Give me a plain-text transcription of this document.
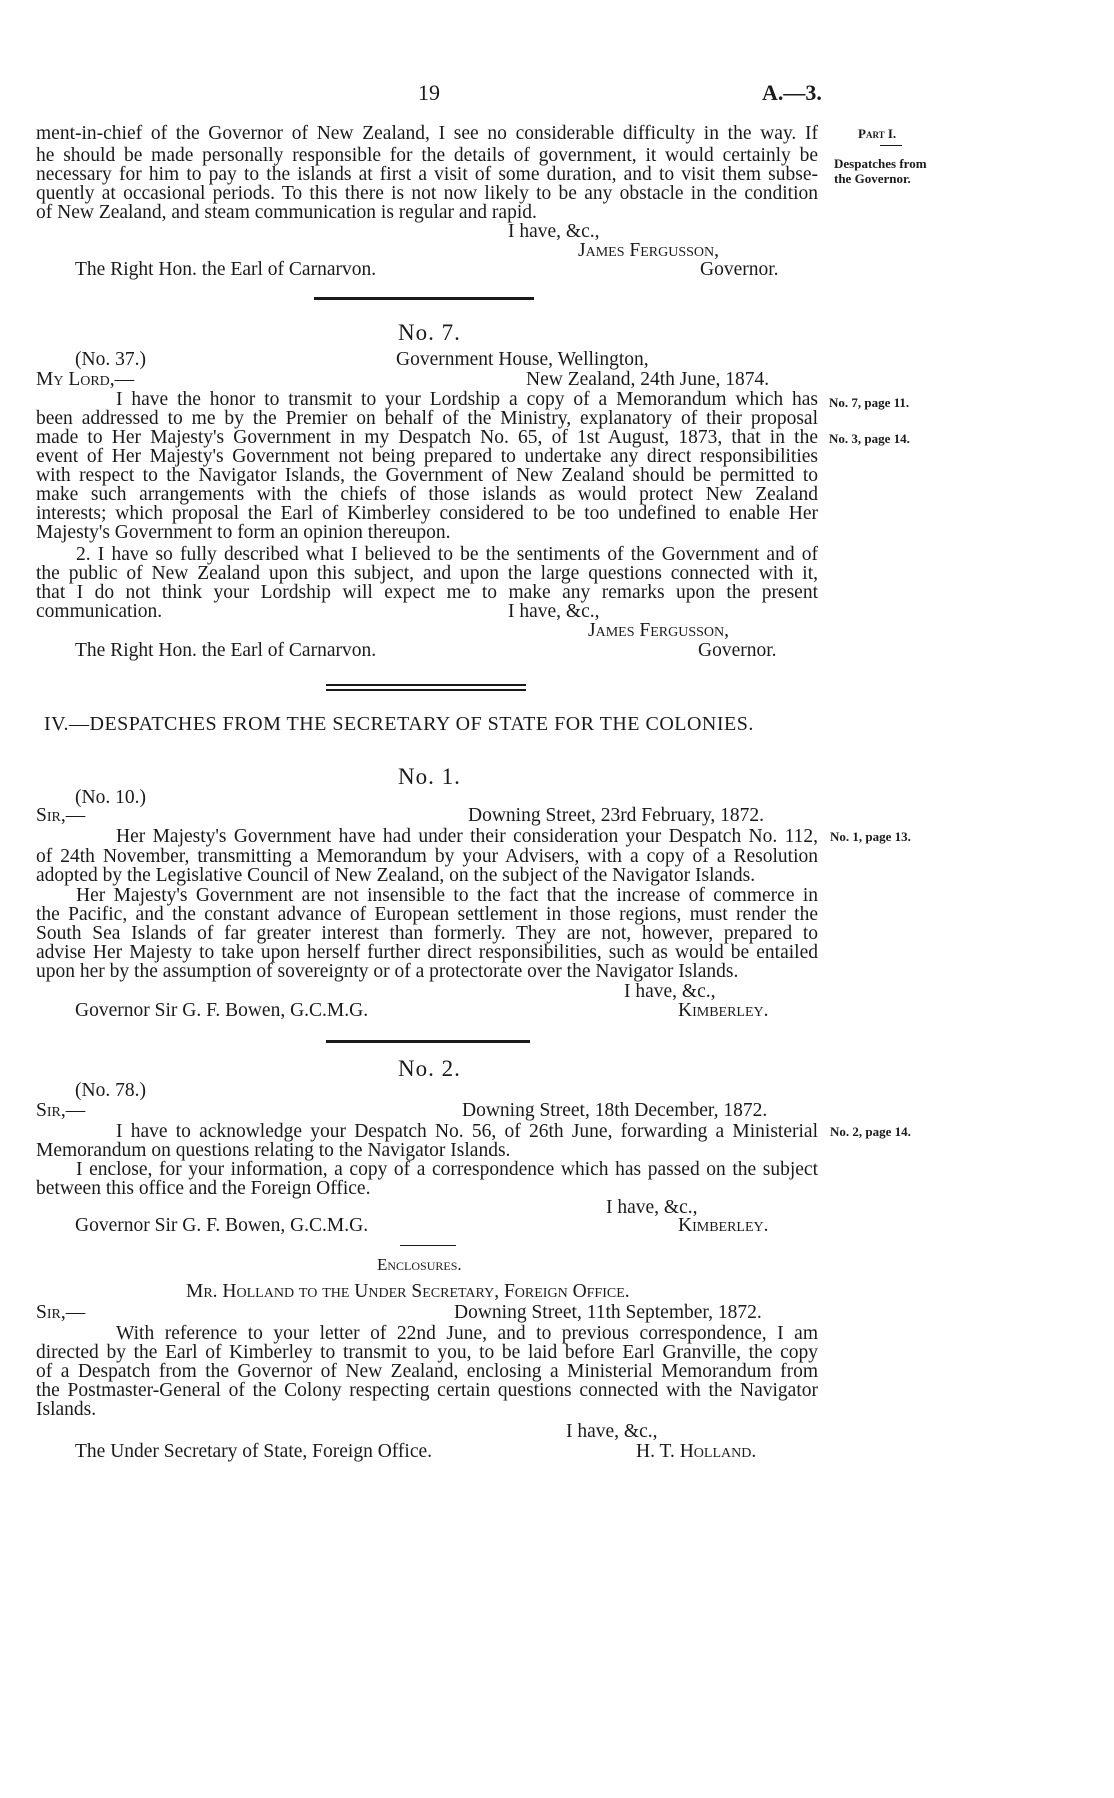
19	A.—3.
Part I.
Despatches from
the Governor.
No. 7, page 11.
No. 3, page 14.
No. 1, page 13.
No. 2, page 14.
ment-in-chief of the Governor of New Zealand, I see no considerable difficulty in the way. If
he should be made personally responsible for the details of government, it would certainly be
necessary for him to pay to the islands at first a visit of some duration, and to visit them subse-
quently at occasional periods. To this there is not now likely to be any obstacle in the condition
of New Zealand, and steam communication is regular and rapid.
I have, &c.,
James Fergusson,
The Right Hon. the Earl of Carnarvon.	Governor.
No. 7.
(No. 37.)	Government House, Wellington,
My Lord,—	New Zealand, 24th June, 1874.
I have the honor to transmit to your Lordship a copy of a Memorandum which has
been addressed to me by the Premier on behalf of the Ministry, explanatory of their proposal
made to Her Majesty's Government in my Despatch No. 65, of 1st August, 1873, that in the
event of Her Majesty's Government not being prepared to undertake any direct responsibilities
with respect to the Navigator Islands, the Government of New Zealand should be permitted to
make such arrangements with the chiefs of those islands as would protect New Zealand
interests; which proposal the Earl of Kimberley considered to be too undefined to enable Her
Majesty's Government to form an opinion thereupon.
2. I have so fully described what I believed to be the sentiments of the Government and of
the public of New Zealand upon this subject, and upon the large questions connected with it,
that I do not think your Lordship will expect me to make any remarks upon the present
communication.	I have, &c.,
James Fergusson,
The Right Hon. the Earl of Carnarvon.	Governor.
IV.—DESPATCHES FROM THE SECRETARY OF STATE FOR THE COLONIES.
No. 1.
(No. 10.)
Sir,—	Downing Street, 23rd February, 1872.
Her Majesty's Government have had under their consideration your Despatch No. 112,
of 24th November, transmitting a Memorandum by your Advisers, with a copy of a Resolution
adopted by the Legislative Council of New Zealand, on the subject of the Navigator Islands.
Her Majesty's Government are not insensible to the fact that the increase of commerce in
the Pacific, and the constant advance of European settlement in those regions, must render the
South Sea Islands of far greater interest than formerly. They are not, however, prepared to
advise Her Majesty to take upon herself further direct responsibilities, such as would be entailed
upon her by the assumption of sovereignty or of a protectorate over the Navigator Islands.
I have, &c.,
Governor Sir G. F. Bowen, G.C.M.G.	Kimberley.
No. 2.
(No. 78.)
Sir,—	Downing Street, 18th December, 1872.
I have to acknowledge your Despatch No. 56, of 26th June, forwarding a Ministerial
Memorandum on questions relating to the Navigator Islands.
I enclose, for your information, a copy of a correspondence which has passed on the subject
between this office and the Foreign Office.
I have, &c.,
Governor Sir G. F. Bowen, G.C.M.G.	Kimberley.
Enclosures.
Mr. Holland to the Under Secretary, Foreign Office.
Sir,—	Downing Street, 11th September, 1872.
With reference to your letter of 22nd June, and to previous correspondence, I am
directed by the Earl of Kimberley to transmit to you, to be laid before Earl Granville, the copy
of a Despatch from the Governor of New Zealand, enclosing a Ministerial Memorandum from
the Postmaster-General of the Colony respecting certain questions connected with the Navigator
Islands.
I have, &c.,
The Under Secretary of State, Foreign Office.	H. T. Holland.
